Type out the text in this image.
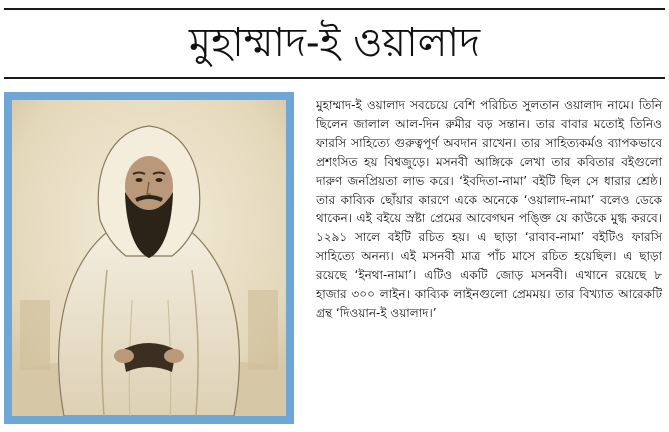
মুহাম্মাদ-ই ওয়ালাদ
মুহাম্মাদ-ই ওয়ালাদ সবচেয়ে বেশি পরিচিত সুলতান ওয়ালাদ নামে। তিনি ছিলেন জালাল আল-দিন রুমীর বড় সন্তান। তার বাবার মতোই তিনিও ফারসি সাহিত্যে গুরুত্বপূর্ণ অবদান রাখেন। তার সাহিত্যকর্মও ব্যাপকভাবে প্রশংসিত হয় বিশ্বজুড়ে। মসনবী আঙ্গিকে লেখা তার কবিতার বইগুলো দারুণ জনপ্রিয়তা লাভ করে। ‘ইবদিতা-নামা’ বইটি ছিল সে ধারার শ্রেষ্ঠ। তার কাব্যিক ছোঁয়ার কারণে একে অনেকে ‘ওয়ালাদ-নামা’ বলেও ডেকে থাকেন। এই বইয়ে স্রষ্টা প্রেমের আবেগঘন পঙ্ক্তি যে কাউকে মুগ্ধ করবে। ১২৯১ সালে বইটি রচিত হয়। এ ছাড়া ‘রাবাব-নামা’ বইটিও ফারসি সাহিত্যে অনন্য। এই মসনবী মাত্র পাঁচ মাসে রচিত হয়েছিল। এ ছাড়া রয়েছে ‘ইনথা-নামা’। এটিও একটি জোড় মসনবী। এখানে রয়েছে ৮ হাজার ৩০০ লাইন। কাব্যিক লাইনগুলো প্রেমময়। তার বিখ্যাত আরেকটি গ্রন্থ ‘দিওয়ান-ই ওয়ালাদ।’
